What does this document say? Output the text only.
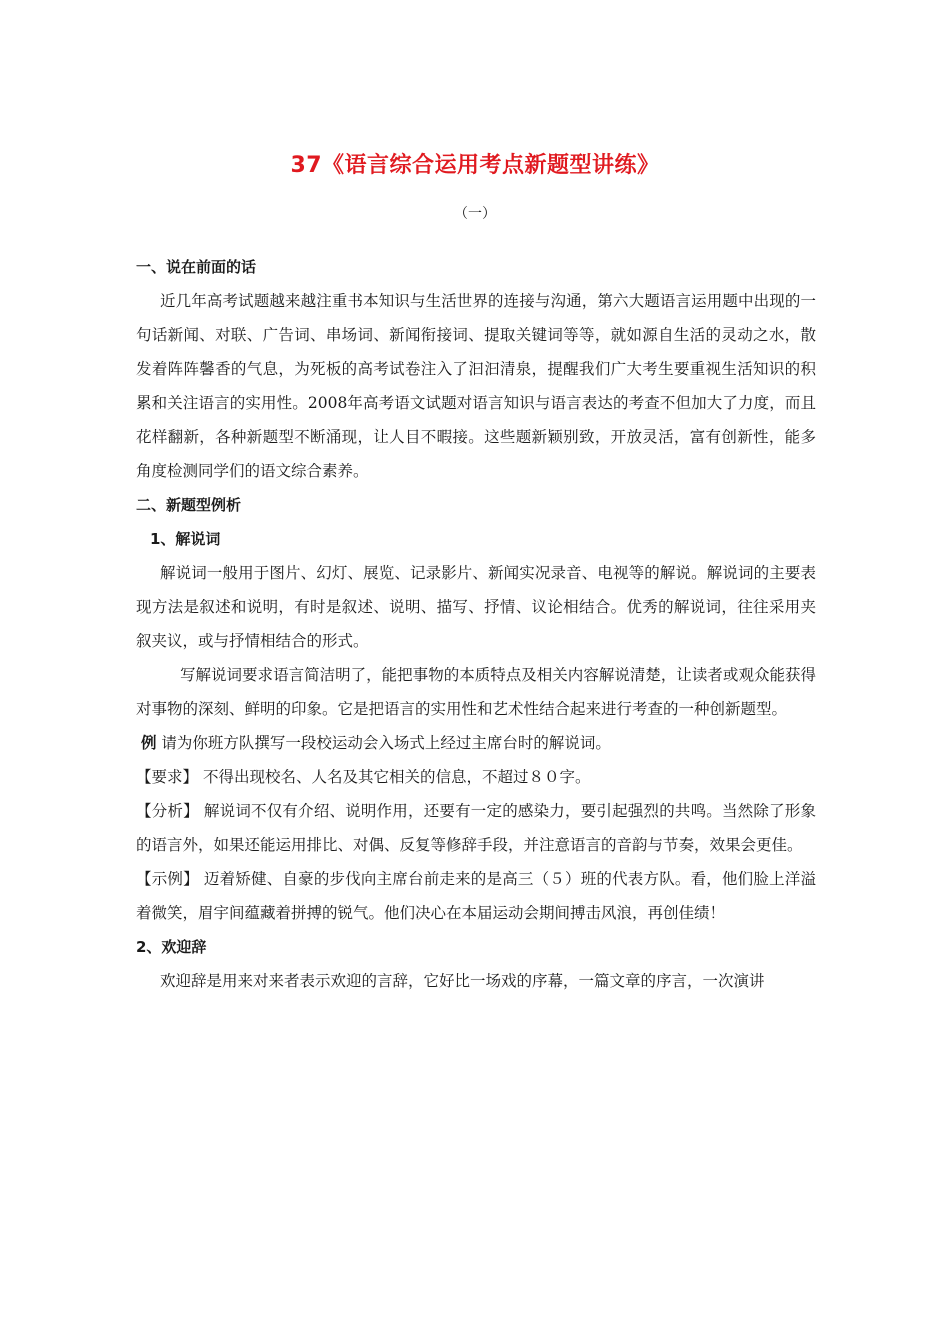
37《语言综合运用考点新题型讲练》
（一）
一、说在前面的话

近几年高考试题越来越注重书本知识与生活世界的连接与沟通，第六大题语言运用题中出现的一句话新闻、对联、广告词、串场词、新闻衔接词、提取关键词等等，就如源自生活的灵动之水，散发着阵阵馨香的气息，为死板的高考试卷注入了汩汩清泉，提醒我们广大考生要重视生活知识的积累和关注语言的实用性。2008年高考语文试题对语言知识与语言表达的考查不但加大了力度，而且花样翻新，各种新题型不断涌现，让人目不暇接。这些题新颖别致，开放灵活，富有创新性，能多角度检测同学们的语文综合素养。

二、新题型例析
1、解说词

解说词一般用于图片、幻灯、展览、记录影片、新闻实况录音、电视等的解说。解说词的主要表现方法是叙述和说明，有时是叙述、说明、描写、抒情、议论相结合。优秀的解说词，往往采用夹叙夹议，或与抒情相结合的形式。

写解说词要求语言简洁明了，能把事物的本质特点及相关内容解说清楚，让读者或观众能获得对事物的深刻、鲜明的印象。它是把语言的实用性和艺术性结合起来进行考查的一种创新题型。

例 请为你班方队撰写一段校运动会入场式上经过主席台时的解说词。

【要求】 不得出现校名、人名及其它相关的信息，不超过８０字。

【分析】 解说词不仅有介绍、说明作用，还要有一定的感染力，要引起强烈的共鸣。当然除了形象的语言外，如果还能运用排比、对偶、反复等修辞手段，并注意语言的音韵与节奏，效果会更佳。

【示例】 迈着矫健、自豪的步伐向主席台前走来的是高三（５）班的代表方队。看，他们脸上洋溢着微笑，眉宇间蕴藏着拼搏的锐气。他们决心在本届运动会期间搏击风浪，再创佳绩！

2、欢迎辞

欢迎辞是用来对来者表示欢迎的言辞，它好比一场戏的序幕，一篇文章的序言，一次演讲
